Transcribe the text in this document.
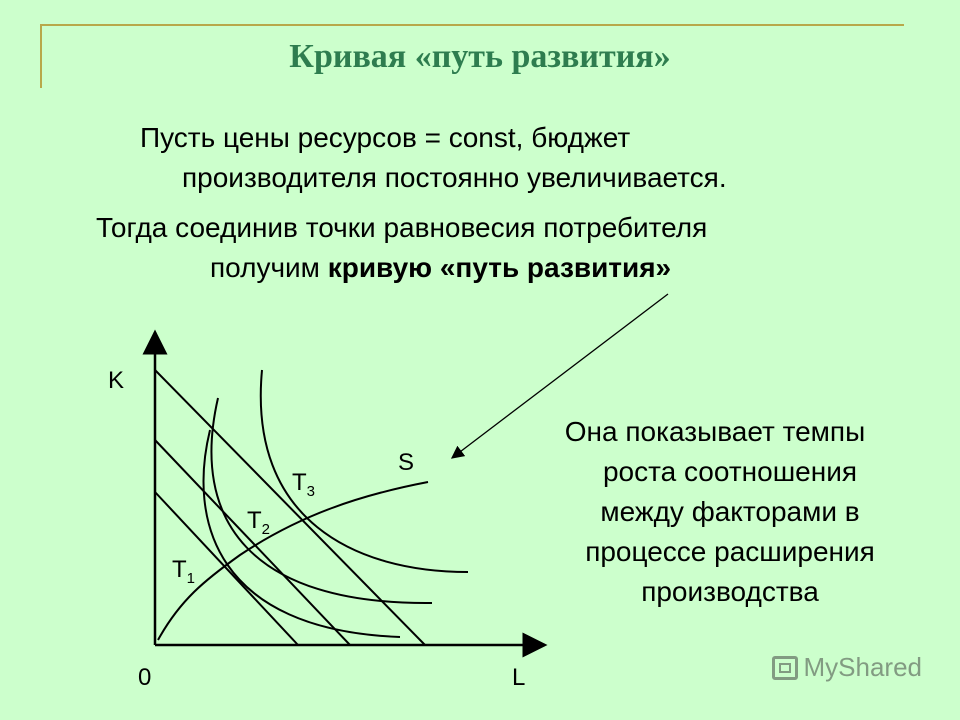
Кривая «путь развития»
Пусть цены ресурсов = const, бюджет
производителя постоянно увеличивается.
Тогда соединив точки равновесия потребителя
получим кривую «путь развития»
K
L
0
S
$T_1$
$T_2$
$T_3$
Она показывает темпы
роста соотношения
между факторами в
процессе расширения
производства
MyShared
